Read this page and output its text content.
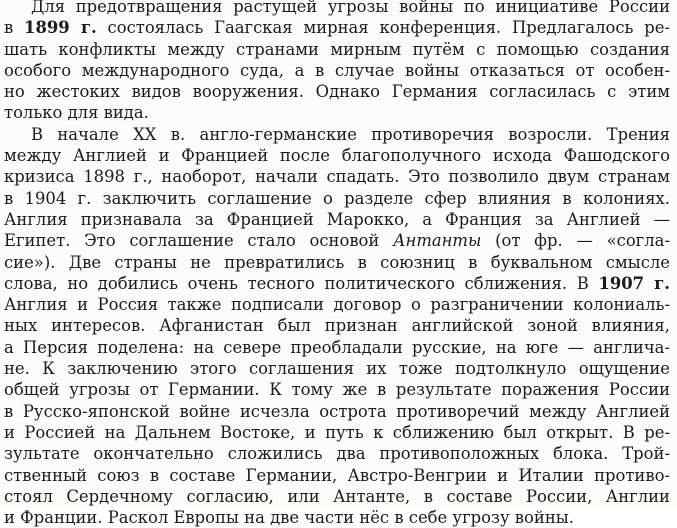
Для предотвращения растущей угрозы войны по инициативе России
в 1899 г. состоялась Гаагская мирная конференция. Предлагалось ре-
шать конфликты между странами мирным путём с помощью создания
особого международного суда, а в случае войны отказаться от особен-
но жестоких видов вооружения. Однако Германия согласилась с этим
только для вида.
В начале XX в. англо-германские противоречия возросли. Трения
между Англией и Францией после благополучного исхода Фашодского
кризиса 1898 г., наоборот, начали спадать. Это позволило двум странам
в 1904 г. заключить соглашение о разделе сфер влияния в колониях.
Англия признавала за Францией Марокко, а Франция за Англией —
Египет. Это соглашение стало основой Антанты (от фр. — «согла-
сие»). Две страны не превратились в союзниц в буквальном смысле
слова, но добились очень тесного политического сближения. В 1907 г.
Англия и Россия также подписали договор о разграничении колониаль-
ных интересов. Афганистан был признан английской зоной влияния,
а Персия поделена: на севере преобладали русские, на юге — англича-
не. К заключению этого соглашения их тоже подтолкнуло ощущение
общей угрозы от Германии. К тому же в результате поражения России
в Русско-японской войне исчезла острота противоречий между Англией
и Россией на Дальнем Востоке, и путь к сближению был открыт. В ре-
зультате окончательно сложились два противоположных блока. Трой-
ственный союз в составе Германии, Австро-Венгрии и Италии противо-
стоял Сердечному согласию, или Антанте, в составе России, Англии
и Франции. Раскол Европы на две части нёс в себе угрозу войны.
